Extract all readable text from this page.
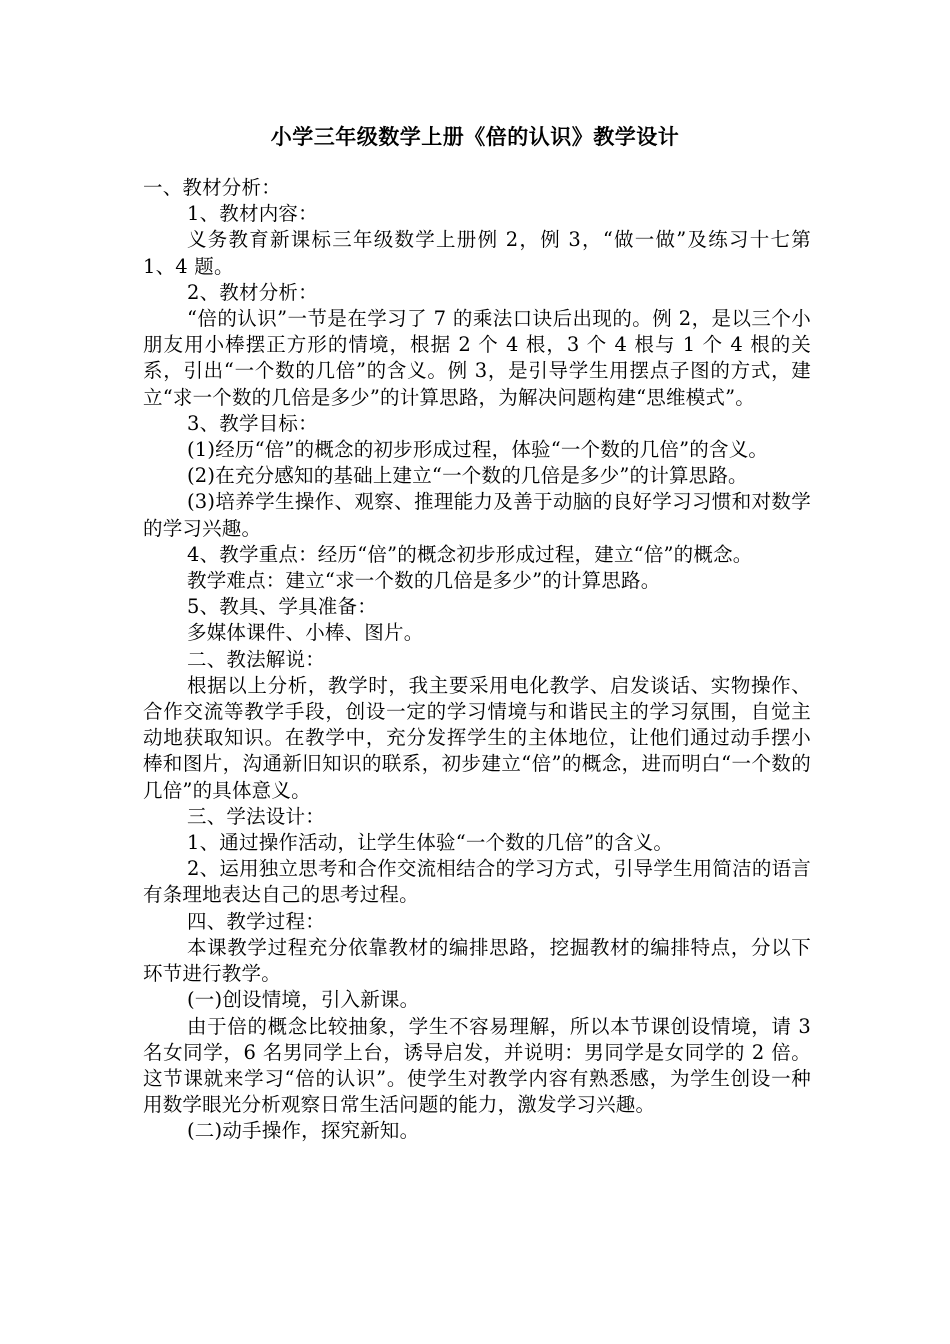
小学三年级数学上册《倍的认识》教学设计

一、教材分析：

1、教材内容：

义务教育新课标三年级数学上册例 2，例 3，“做一做”及练习十七第 1、4 题。

2、教材分析：

“倍的认识”一节是在学习了 7 的乘法口诀后出现的。例 2，是以三个小朋友用小棒摆正方形的情境，根据 2 个 4 根，3 个 4 根与 1 个 4 根的关系，引出“一个数的几倍”的含义。例 3，是引导学生用摆点子图的方式，建立“求一个数的几倍是多少”的计算思路，为解决问题构建“思维模式”。

3、教学目标：

(1)经历“倍”的概念的初步形成过程，体验“一个数的几倍”的含义。

(2)在充分感知的基础上建立“一个数的几倍是多少”的计算思路。

(3)培养学生操作、观察、推理能力及善于动脑的良好学习习惯和对数学的学习兴趣。

4、教学重点：经历“倍”的概念初步形成过程，建立“倍”的概念。

教学难点：建立“求一个数的几倍是多少”的计算思路。

5、教具、学具准备：

多媒体课件、小棒、图片。

二、教法解说：

根据以上分析，教学时，我主要采用电化教学、启发谈话、实物操作、合作交流等教学手段，创设一定的学习情境与和谐民主的学习氛围，自觉主动地获取知识。在教学中，充分发挥学生的主体地位，让他们通过动手摆小棒和图片，沟通新旧知识的联系，初步建立“倍”的概念，进而明白“一个数的几倍”的具体意义。

三、学法设计：

1、通过操作活动，让学生体验“一个数的几倍”的含义。

2、运用独立思考和合作交流相结合的学习方式，引导学生用简洁的语言有条理地表达自己的思考过程。

四、教学过程：

本课教学过程充分依靠教材的编排思路，挖掘教材的编排特点，分以下环节进行教学。

(一)创设情境，引入新课。

由于倍的概念比较抽象，学生不容易理解，所以本节课创设情境，请 3 名女同学，6 名男同学上台，诱导启发，并说明：男同学是女同学的 2 倍。这节课就来学习“倍的认识”。使学生对教学内容有熟悉感，为学生创设一种用数学眼光分析观察日常生活问题的能力，激发学习兴趣。

(二)动手操作，探究新知。
